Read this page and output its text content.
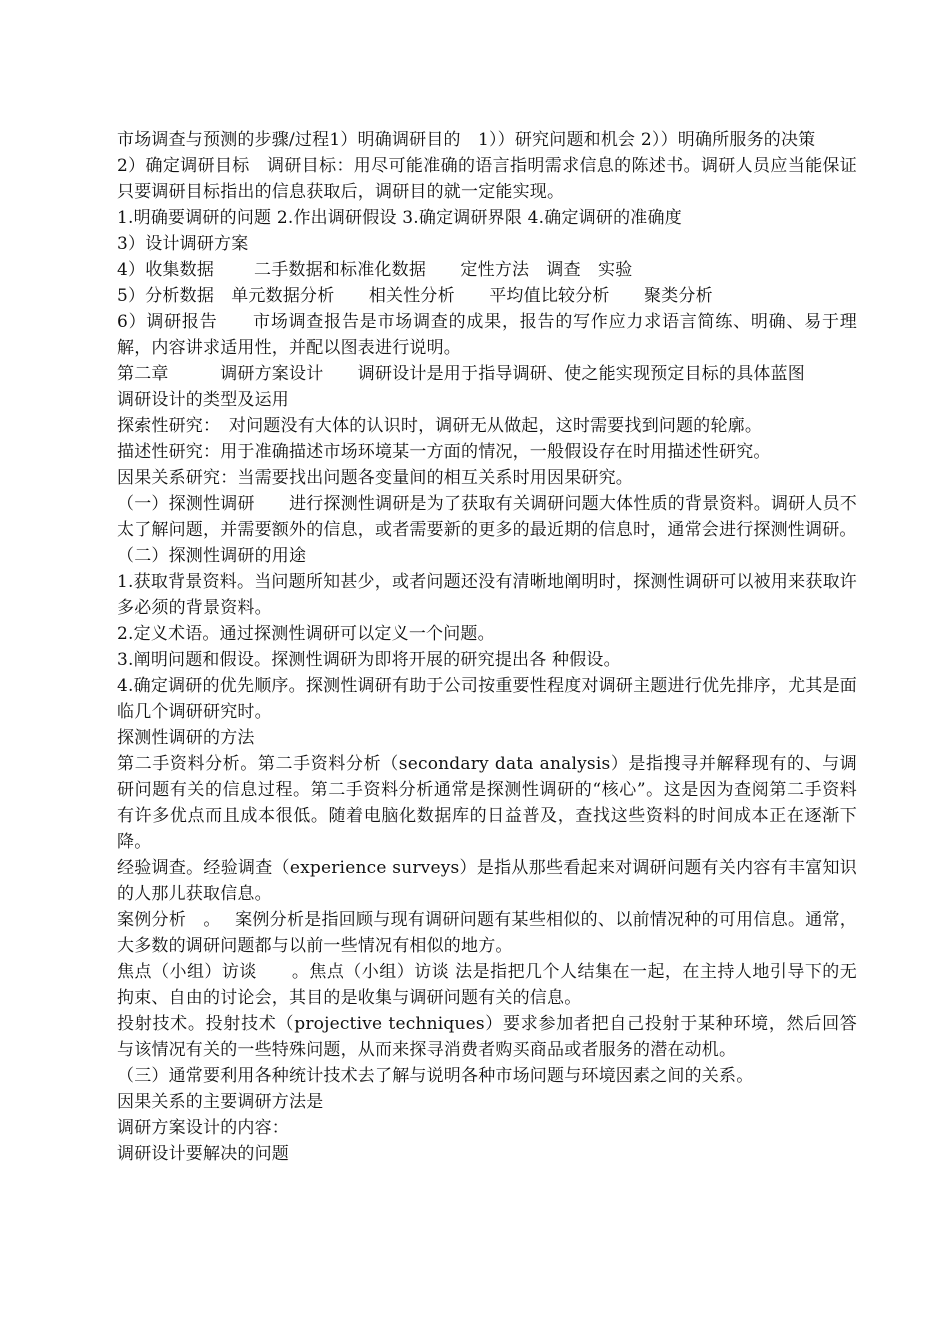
市场调查与预测的步骤/过程1）明确调研目的　1））研究问题和机会 2））明确所服务的决策

2）确定调研目标　调研目标：用尽可能准确的语言指明需求信息的陈述书。调研人员应当能保证只要调研目标指出的信息获取后，调研目的就一定能实现。

1.明确要调研的问题 2.作出调研假设 3.确定调研界限 4.确定调研的准确度

3）设计调研方案

4）收集数据　　 二手数据和标准化数据　　定性方法　调查　实验

5）分析数据　单元数据分析　　相关性分析　　平均值比较分析　　聚类分析

6）调研报告　　市场调查报告是市场调查的成果，报告的写作应力求语言简练、明确、易于理解，内容讲求适用性，并配以图表进行说明。

第二章　　　调研方案设计　　调研设计是用于指导调研、使之能实现预定目标的具体蓝图

调研设计的类型及运用

探索性研究：　对问题没有大体的认识时，调研无从做起，这时需要找到问题的轮廓。

描述性研究：用于准确描述市场环境某一方面的情况，一般假设存在时用描述性研究。

因果关系研究：当需要找出问题各变量间的相互关系时用因果研究。

（一）探测性调研　　进行探测性调研是为了获取有关调研问题大体性质的背景资料。调研人员不太了解问题，并需要额外的信息，或者需要新的更多的最近期的信息时，通常会进行探测性调研。

（二）探测性调研的用途

1.获取背景资料。当问题所知甚少，或者问题还没有清晰地阐明时，探测性调研可以被用来获取许多必须的背景资料。

2.定义术语。通过探测性调研可以定义一个问题。

3.阐明问题和假设。探测性调研为即将开展的研究提出各 种假设。

4.确定调研的优先顺序。探测性调研有助于公司按重要性程度对调研主题进行优先排序，尤其是面临几个调研研究时。

探测性调研的方法

第二手资料分析。第二手资料分析（secondary data analysis）是指搜寻并解释现有的、与调研问题有关的信息过程。第二手资料分析通常是探测性调研的“核心”。这是因为查阅第二手资料有许多优点而且成本很低。随着电脑化数据库的日益普及，查找这些资料的时间成本正在逐渐下降。

经验调查。经验调查（experience surveys）是指从那些看起来对调研问题有关内容有丰富知识的人那儿获取信息。

案例分析　。　 案例分析是指回顾与现有调研问题有某些相似的、以前情况种的可用信息。通常，大多数的调研问题都与以前一些情况有相似的地方。

焦点（小组）访谈　　。焦点（小组）访谈 法是指把几个人结集在一起，在主持人地引导下的无拘束、自由的讨论会，其目的是收集与调研问题有关的信息。

投射技术。投射技术（projective techniques）要求参加者把自己投射于某种环境，然后回答与该情况有关的一些特殊问题，从而来探寻消费者购买商品或者服务的潜在动机。

（三）通常要利用各种统计技术去了解与说明各种市场问题与环境因素之间的关系。

因果关系的主要调研方法是

调研方案设计的内容：

调研设计要解决的问题
